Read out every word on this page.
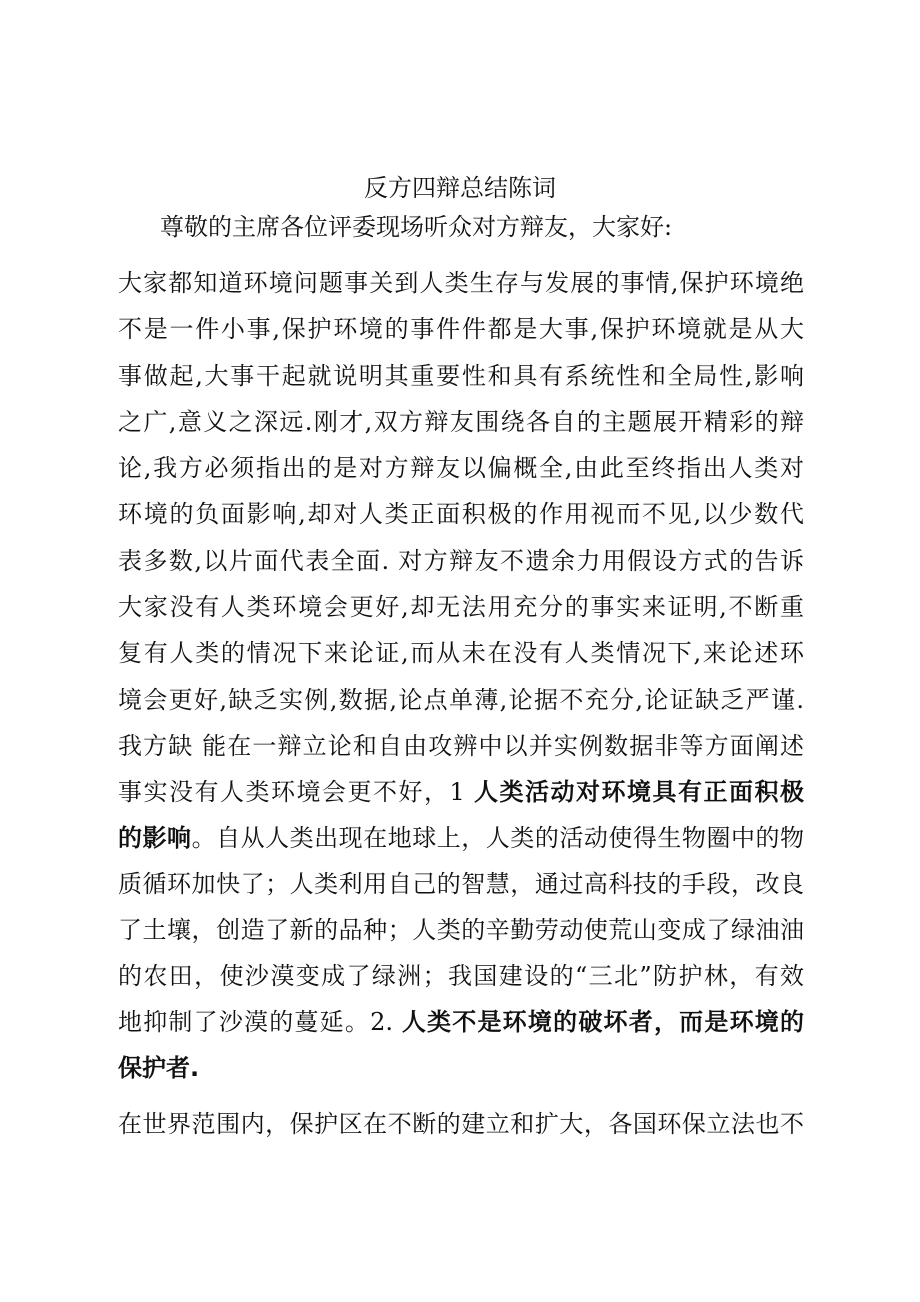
反方四辩总结陈词
尊敬的主席各位评委现场听众对方辩友，大家好:
大家都知道环境问题事关到人类生存与发展的事情,保护环境绝
不是一件小事,保护环境的事件件都是大事,保护环境就是从大
事做起,大事干起就说明其重要性和具有系统性和全局性,影响
之广,意义之深远.刚才,双方辩友围绕各自的主题展开精彩的辩
论,我方必须指出的是对方辩友以偏概全,由此至终指出人类对
环境的负面影响,却对人类正面积极的作用视而不见,以少数代
表多数,以片面代表全面. 对方辩友不遗余力用假设方式的告诉
大家没有人类环境会更好,却无法用充分的事实来证明,不断重
复有人类的情况下来论证,而从未在没有人类情况下,来论述环
境会更好,缺乏实例,数据,论点单薄,论据不充分,论证缺乏严谨.
我方缺 能在一辩立论和自由攻辨中以并实例数据非等方面阐述
事实没有人类环境会更不好，1 人类活动对环境具有正面积极
的影响。自从人类出现在地球上，人类的活动使得生物圈中的物
质循环加快了；人类利用自己的智慧，通过高科技的手段，改良
了土壤，创造了新的品种；人类的辛勤劳动使荒山变成了绿油油
的农田，使沙漠变成了绿洲；我国建设的“三北”防护林，有效
地抑制了沙漠的蔓延。2. 人类不是环境的破坏者，而是环境的
保护者.
在世界范围内，保护区在不断的建立和扩大，各国环保立法也不
